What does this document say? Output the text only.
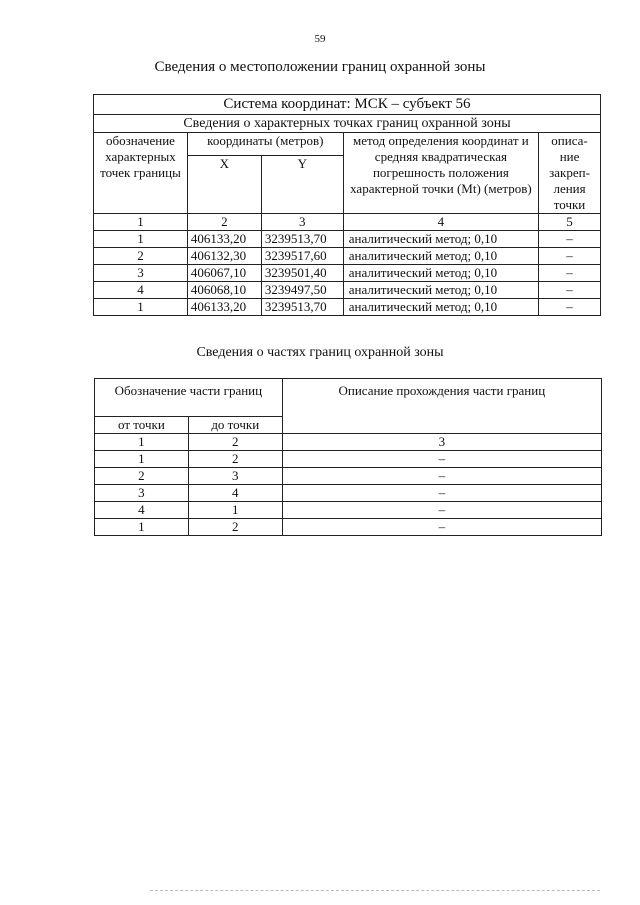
59
Сведения о местоположении границ охранной зоны
Система координат: МСК – субъект 56				
Сведения о характерных точках границ охранной зоны				
обозначение характерных точек границы	координаты (метров)		метод определения координат и средняя квадратическая погрешность положения характерной точки (Mt) (метров)	описа-ние закреп-ления точки
	X	Y		
1	2	3	4	5
1	406133,20	3239513,70	аналитический метод; 0,10	–
2	406132,30	3239517,60	аналитический метод; 0,10	–
3	406067,10	3239501,40	аналитический метод; 0,10	–
4	406068,10	3239497,50	аналитический метод; 0,10	–
1	406133,20	3239513,70	аналитический метод; 0,10	–
Сведения о частях границ охранной зоны
Обозначение части границ		Описание прохождения части границ
от точки	до точки	
1	2	3
1	2	–
2	3	–
3	4	–
4	1	–
1	2	–
